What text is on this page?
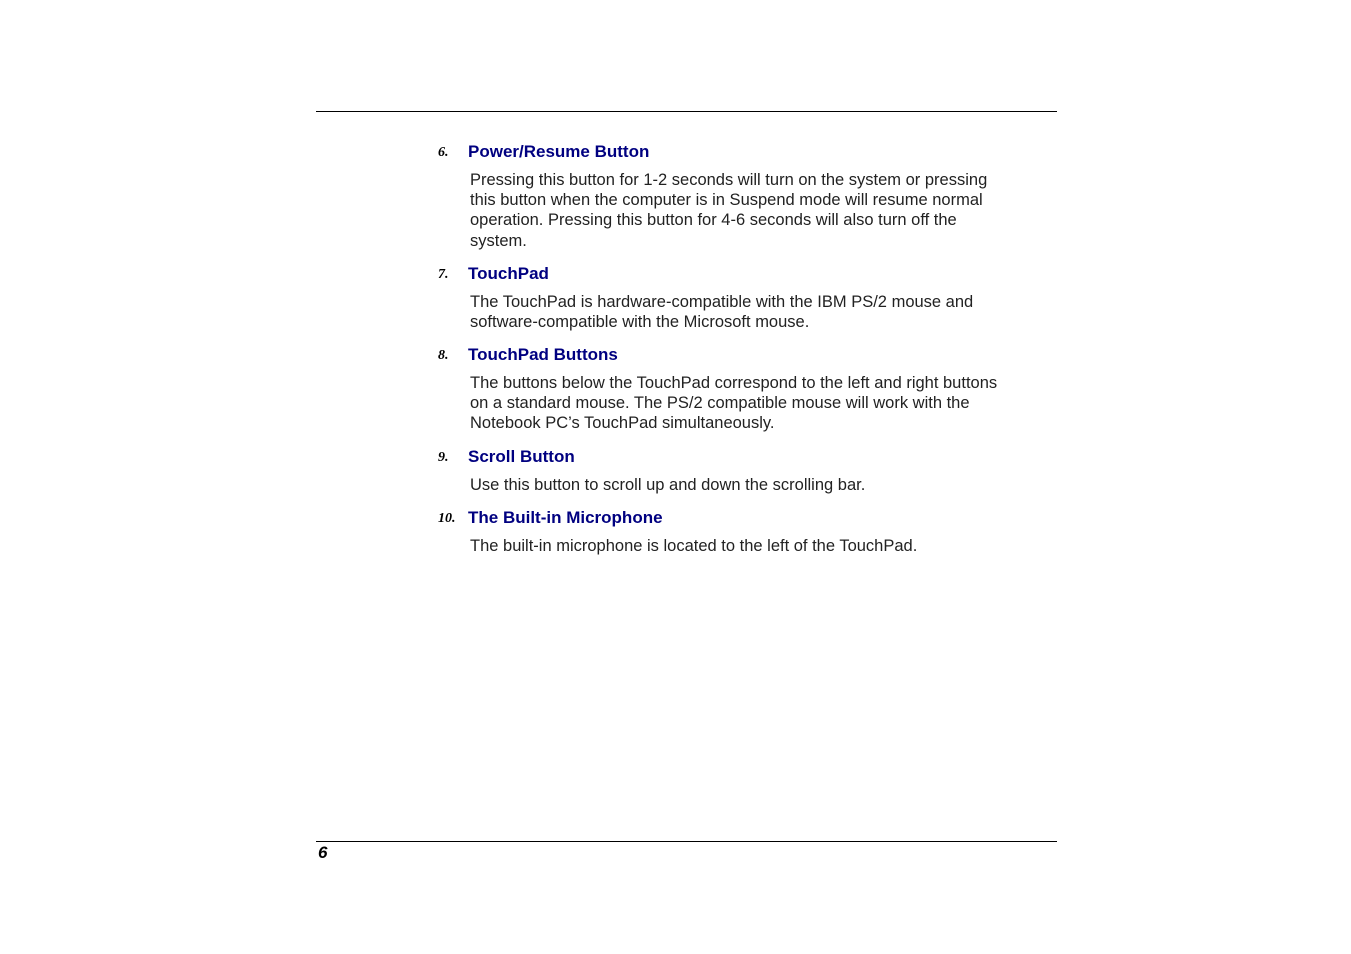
6. Power/Resume Button
Pressing this button for 1-2 seconds will turn on the system or pressing
this button when the computer is in Suspend mode will resume normal
operation. Pressing this button for 4-6 seconds will also turn off the
system.
7. TouchPad
The TouchPad is hardware-compatible with the IBM PS/2 mouse and
software-compatible with the Microsoft mouse.
8. TouchPad Buttons
The buttons below the TouchPad correspond to the left and right buttons
on a standard mouse. The PS/2 compatible mouse will work with the
Notebook PC’s TouchPad simultaneously.
9. Scroll Button
Use this button to scroll up and down the scrolling bar.
10. The Built-in Microphone
The built-in microphone is located to the left of the TouchPad.
6
